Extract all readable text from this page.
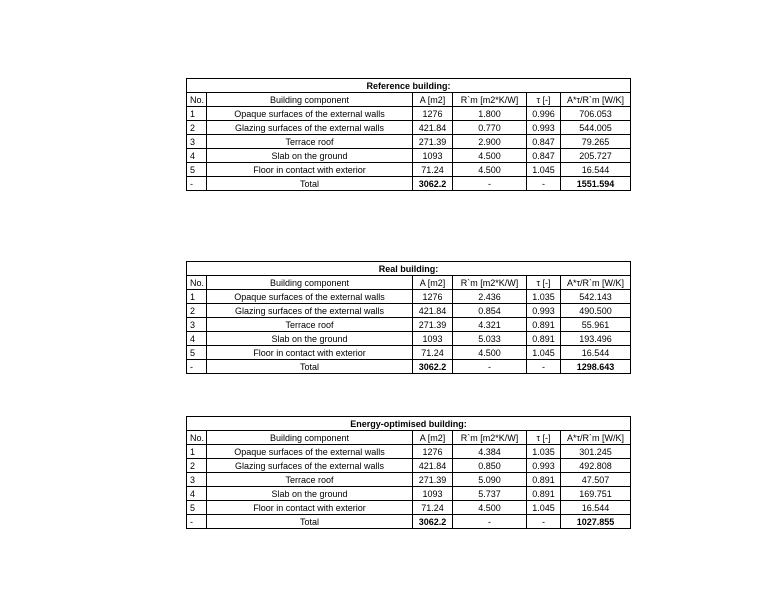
Reference building:					
No.	Building component	A [m2]	R`m [m2*K/W]	τ [-]	A*τ/R`m [W/K]
1	Opaque surfaces of the external walls	1276	1.800	0.996	706.053
2	Glazing surfaces of the external walls	421.84	0.770	0.993	544.005
3	Terrace roof	271.39	2.900	0.847	79.265
4	Slab on the ground	1093	4.500	0.847	205.727
5	Floor in contact with exterior	71.24	4.500	1.045	16.544
-	Total	3062.2	-	-	1551.594
Real building:					
No.	Building component	A [m2]	R`m [m2*K/W]	τ [-]	A*τ/R`m [W/K]
1	Opaque surfaces of the external walls	1276	2.436	1.035	542.143
2	Glazing surfaces of the external walls	421.84	0.854	0.993	490.500
3	Terrace roof	271.39	4.321	0.891	55.961
4	Slab on the ground	1093	5.033	0.891	193.496
5	Floor in contact with exterior	71.24	4.500	1.045	16.544
-	Total	3062.2	-	-	1298.643
Energy-optimised building:					
No.	Building component	A [m2]	R`m [m2*K/W]	τ [-]	A*τ/R`m [W/K]
1	Opaque surfaces of the external walls	1276	4.384	1.035	301.245
2	Glazing surfaces of the external walls	421.84	0.850	0.993	492.808
3	Terrace roof	271.39	5.090	0.891	47.507
4	Slab on the ground	1093	5.737	0.891	169.751
5	Floor in contact with exterior	71.24	4.500	1.045	16.544
-	Total	3062.2	-	-	1027.855
